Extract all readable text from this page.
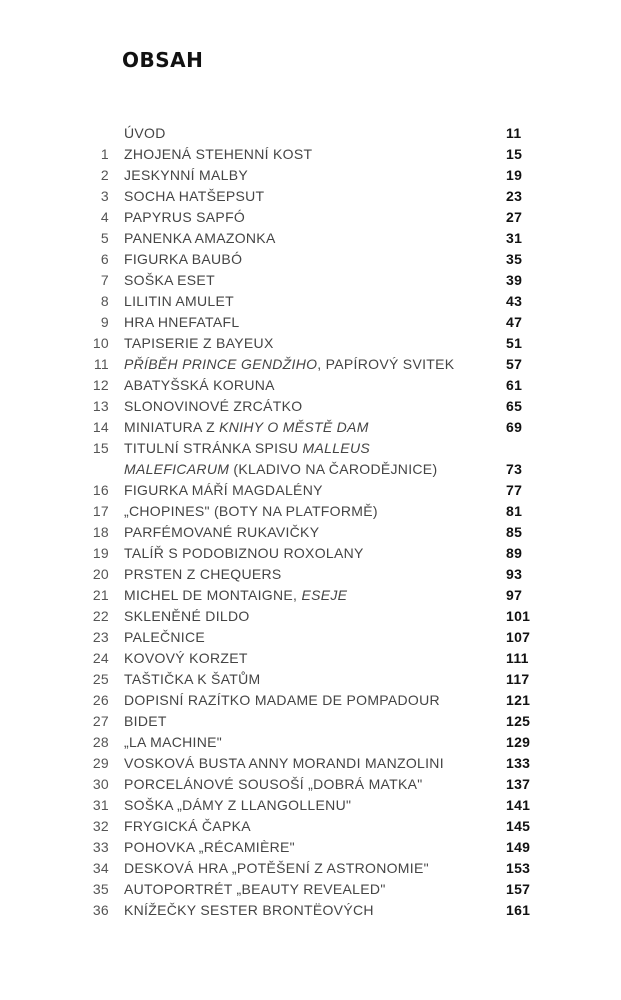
OBSAH
ÚVOD	11
1 ZHOJENÁ STEHENNÍ KOST	15
2 JESKYNNÍ MALBY	19
3 SOCHA HATŠEPSUT	23
4 PAPYRUS SAPFÓ	27
5 PANENKA AMAZONKA	31
6 FIGURKA BAUBÓ	35
7 SOŠKA ESET	39
8 LILITIN AMULET	43
9 HRA HNEFATAFL	47
10 TAPISERIE Z BAYEUX	51
11 PŘÍBĚH PRINCE GENDŽIHO, PAPÍROVÝ SVITEK	57
12 ABATYŠSKÁ KORUNA	61
13 SLONOVINOVÉ ZRCÁTKO	65
14 MINIATURA Z KNIHY O MĚSTĚ DAM	69
15 TITULNÍ STRÁNKA SPISU MALLEUS
MALEFICARUM (KLADIVO NA ČARODĚJNICE)	73
16 FIGURKA MÁŘÍ MAGDALÉNY	77
17 „CHOPINES" (BOTY NA PLATFORMĚ)	81
18 PARFÉMOVANÉ RUKAVIČKY	85
19 TALÍŘ S PODOBIZNOU ROXOLANY	89
20 PRSTEN Z CHEQUERS	93
21 MICHEL DE MONTAIGNE, ESEJE	97
22 SKLENĚNÉ DILDO	101
23 PALEČNICE	107
24 KOVOVÝ KORZET	111
25 TAŠTIČKA K ŠATŮM	117
26 DOPISNÍ RAZÍTKO MADAME DE POMPADOUR	121
27 BIDET	125
28 „LA MACHINE"	129
29 VOSKOVÁ BUSTA ANNY MORANDI MANZOLINI	133
30 PORCELÁNOVÉ SOUSOŠÍ „DOBRÁ MATKA"	137
31 SOŠKA „DÁMY Z LLANGOLLENU"	141
32 FRYGICKÁ ČAPKA	145
33 POHOVKA „RÉCAMIÈRE"	149
34 DESKOVÁ HRA „POTĚŠENÍ Z ASTRONOMIE"	153
35 AUTOPORTRÉT „BEAUTY REVEALED"	157
36 KNÍŽEČKY SESTER BRONTËOVÝCH	161
